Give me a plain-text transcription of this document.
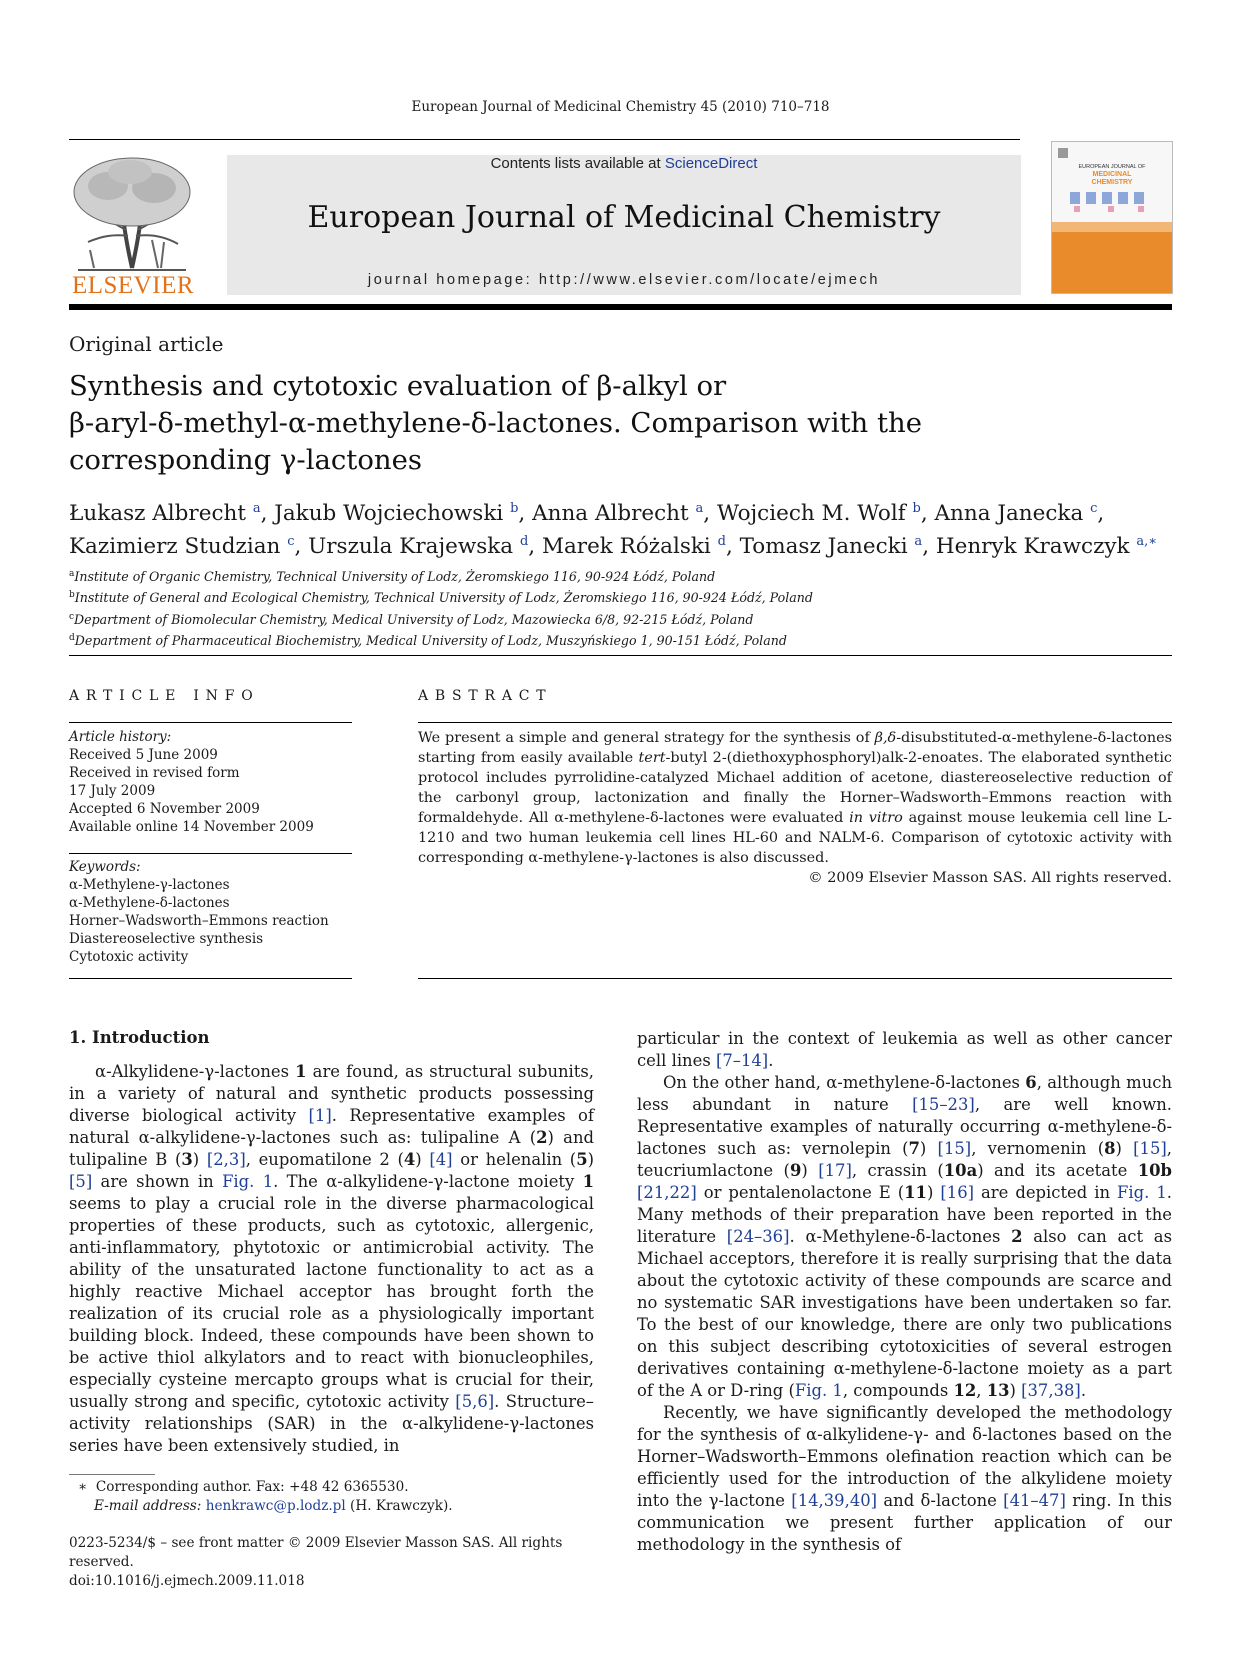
European Journal of Medicinal Chemistry 45 (2010) 710–718
ELSEVIER
Contents lists available at ScienceDirect
European Journal of Medicinal Chemistry
journal homepage: http://www.elsevier.com/locate/ejmech
EUROPEAN JOURNAL OF
MEDICINAL
CHEMISTRY
Original article
Synthesis and cytotoxic evaluation of β-alkyl or
β-aryl-δ-methyl-α-methylene-δ-lactones. Comparison with the
corresponding γ-lactones
Łukasz Albrecht $^a$, Jakub Wojciechowski $^b$, Anna Albrecht $^a$, Wojciech M. Wolf $^b$, Anna Janecka $^c$,
Kazimierz Studzian $^c$, Urszula Krajewska $^d$, Marek Różalski $^d$, Tomasz Janecki $^a$, Henryk Krawczyk $^{a,∗}$
$^a$Institute of Organic Chemistry, Technical University of Lodz, Żeromskiego 116, 90-924 Łódź, Poland
$^b$Institute of General and Ecological Chemistry, Technical University of Lodz, Żeromskiego 116, 90-924 Łódź, Poland
$^c$Department of Biomolecular Chemistry, Medical University of Lodz, Mazowiecka 6/8, 92-215 Łódź, Poland
$^d$Department of Pharmaceutical Biochemistry, Medical University of Lodz, Muszyńskiego 1, 90-151 Łódź, Poland
ARTICLE INFO
Article history:
Received 5 June 2009
Received in revised form
17 July 2009
Accepted 6 November 2009
Available online 14 November 2009
Keywords:
α-Methylene-γ-lactones
α-Methylene-δ-lactones
Horner–Wadsworth–Emmons reaction
Diastereoselective synthesis
Cytotoxic activity
ABSTRACT
We present a simple and general strategy for the synthesis of β,δ-disubstituted-α-methylene-δ-lactones starting from easily available tert-butyl 2-(diethoxyphosphoryl)alk-2-enoates. The elaborated synthetic protocol includes pyrrolidine-catalyzed Michael addition of acetone, diastereoselective reduction of the carbonyl group, lactonization and finally the Horner–Wadsworth–Emmons reaction with formaldehyde. All α-methylene-δ-lactones were evaluated in vitro against mouse leukemia cell line L-1210 and two human leukemia cell lines HL-60 and NALM-6. Comparison of cytotoxic activity with corresponding α-methylene-γ-lactones is also discussed.
© 2009 Elsevier Masson SAS. All rights reserved.
1. Introduction

α-Alkylidene-γ-lactones 1 are found, as structural subunits, in a variety of natural and synthetic products possessing diverse biological activity [1]. Representative examples of natural α-alkylidene-γ-lactones such as: tulipaline A (2) and tulipaline B (3) [2,3], eupomatilone 2 (4) [4] or helenalin (5) [5] are shown in Fig. 1. The α-alkylidene-γ-lactone moiety 1 seems to play a crucial role in the diverse pharmacological properties of these products, such as cytotoxic, allergenic, anti-inflammatory, phytotoxic or antimicrobial activity. The ability of the unsaturated lactone functionality to act as a highly reactive Michael acceptor has brought forth the realization of its crucial role as a physiologically important building block. Indeed, these compounds have been shown to be active thiol alkylators and to react with bionucleophiles, especially cysteine mercapto groups what is crucial for their, usually strong and specific, cytotoxic activity [5,6]. Structure–activity relationships (SAR) in the α-alkylidene-γ-lactones series have been extensively studied, in

∗ Corresponding author. Fax: +48 42 6365530.
E-mail address: henkrawc@p.lodz.pl (H. Krawczyk).
0223-5234/$ – see front matter © 2009 Elsevier Masson SAS. All rights reserved.
doi:10.1016/j.ejmech.2009.11.018
particular in the context of leukemia as well as other cancer cell lines [7–14].

On the other hand, α-methylene-δ-lactones 6, although much less abundant in nature [15–23], are well known. Representative examples of naturally occurring α-methylene-δ-lactones such as: vernolepin (7) [15], vernomenin (8) [15], teucriumlactone (9) [17], crassin (10a) and its acetate 10b [21,22] or pentalenolactone E (11) [16] are depicted in Fig. 1. Many methods of their preparation have been reported in the literature [24–36]. α-Methylene-δ-lactones 2 also can act as Michael acceptors, therefore it is really surprising that the data about the cytotoxic activity of these compounds are scarce and no systematic SAR investigations have been undertaken so far. To the best of our knowledge, there are only two publications on this subject describing cytotoxicities of several estrogen derivatives containing α-methylene-δ-lactone moiety as a part of the A or D-ring (Fig. 1, compounds 12, 13) [37,38].

Recently, we have significantly developed the methodology for the synthesis of α-alkylidene-γ- and δ-lactones based on the Horner–Wadsworth–Emmons olefination reaction which can be efficiently used for the introduction of the alkylidene moiety into the γ-lactone [14,39,40] and δ-lactone [41–47] ring. In this communication we present further application of our methodology in the synthesis of
